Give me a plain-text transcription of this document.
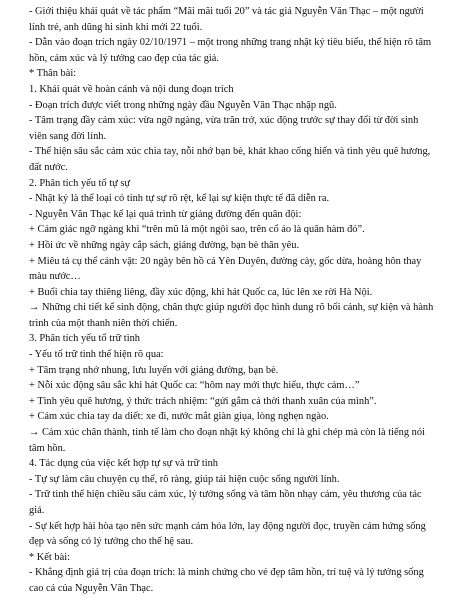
- Giới thiệu khái quát về tác phẩm “Mãi mãi tuổi 20” và tác giả Nguyễn Văn Thạc – một người lính trẻ, anh dũng hi sinh khi mới 22 tuổi.

- Dẫn vào đoạn trích ngày 02/10/1971 – một trong những trang nhật ký tiêu biểu, thể hiện rõ tâm hồn, cảm xúc và lý tưởng cao đẹp của tác giả.

* Thân bài:

1. Khái quát về hoàn cảnh và nội dung đoạn trích

- Đoạn trích được viết trong những ngày đầu Nguyễn Văn Thạc nhập ngũ.

- Tâm trạng đầy cảm xúc: vừa ngỡ ngàng, vừa trăn trở, xúc động trước sự thay đổi từ đời sinh viên sang đời lính.

- Thể hiện sâu sắc cảm xúc chia tay, nỗi nhớ bạn bè, khát khao cống hiến và tình yêu quê hương, đất nước.

2. Phân tích yếu tố tự sự

- Nhật ký là thể loại có tính tự sự rõ rệt, kể lại sự kiện thực tế đã diễn ra.

- Nguyễn Văn Thạc kể lại quá trình từ giảng đường đến quân đội:

+ Cảm giác ngỡ ngàng khi “trên mũ là một ngôi sao, trên cổ áo là quân hàm đỏ”.

+ Hồi ức về những ngày cắp sách, giảng đường, bạn bè thân yêu.

+ Miêu tả cụ thể cảnh vật: 20 ngày bên hồ cá Yên Duyên, đường cày, gốc dừa, hoàng hôn thay màu nước…

+ Buổi chia tay thiêng liêng, đầy xúc động, khi hát Quốc ca, lúc lên xe rời Hà Nội.

→ Những chi tiết kể sinh động, chân thực giúp người đọc hình dung rõ bối cảnh, sự kiện và hành trình của một thanh niên thời chiến.

3. Phân tích yếu tố trữ tình

- Yếu tố trữ tình thể hiện rõ qua:

+ Tâm trạng nhớ nhung, lưu luyến với giảng đường, bạn bè.

+ Nỗi xúc động sâu sắc khi hát Quốc ca: “hôm nay mới thực hiểu, thực cảm…”

+ Tình yêu quê hương, ý thức trách nhiệm: “gửi gắm cả thời thanh xuân của mình”.

+ Cảm xúc chia tay da diết: xe đi, nước mắt giàn giụa, lòng nghẹn ngào.

→ Cảm xúc chân thành, tinh tế làm cho đoạn nhật ký không chỉ là ghi chép mà còn là tiếng nói tâm hồn.

4. Tác dụng của việc kết hợp tự sự và trữ tình

- Tự sự làm câu chuyện cụ thể, rõ ràng, giúp tái hiện cuộc sống người lính.

- Trữ tình thể hiện chiều sâu cảm xúc, lý tưởng sống và tâm hồn nhạy cảm, yêu thương của tác giả.

- Sự kết hợp hài hòa tạo nên sức mạnh cảm hóa lớn, lay động người đọc, truyền cảm hứng sống đẹp và sống có lý tưởng cho thế hệ sau.

* Kết bài:

- Khẳng định giá trị của đoạn trích: là minh chứng cho vẻ đẹp tâm hồn, trí tuệ và lý tưởng sống cao cả của Nguyễn Văn Thạc.
